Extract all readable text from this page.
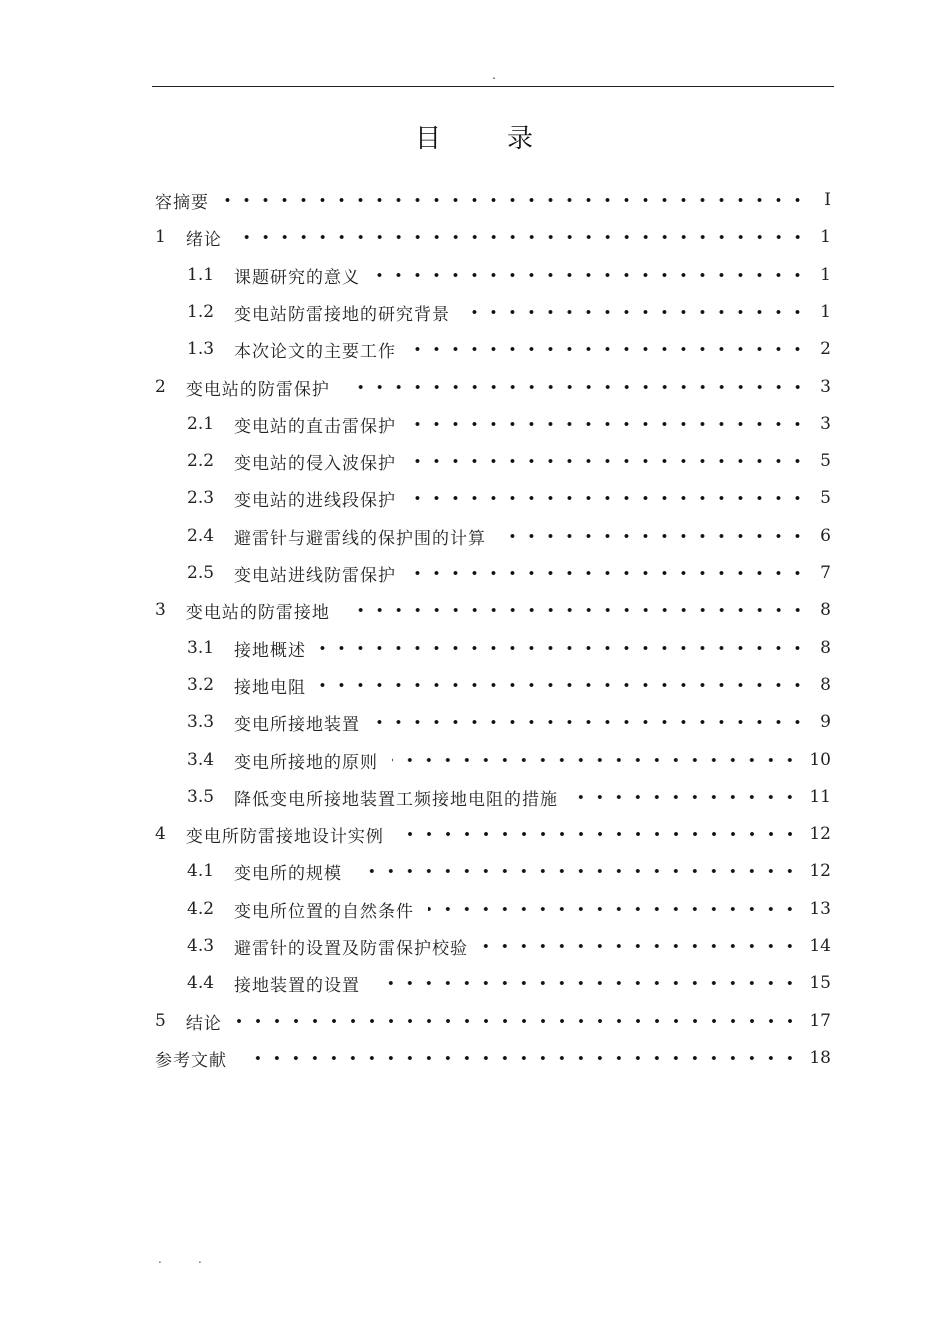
.
目 录
容摘要	I
1 绪论	1
1.1 课题研究的意义	1
1.2 变电站防雷接地的研究背景	1
1.3 本次论文的主要工作	2
2 变电站的防雷保护	3
2.1 变电站的直击雷保护	3
2.2 变电站的侵入波保护	5
2.3 变电站的进线段保护	5
2.4 避雷针与避雷线的保护围的计算	6
2.5 变电站进线防雷保护	7
3 变电站的防雷接地	8
3.1 接地概述	8
3.2 接地电阻	8
3.3 变电所接地装置	9
3.4 变电所接地的原则	10
3.5 降低变电所接地装置工频接地电阻的措施	11
4 变电所防雷接地设计实例	12
4.1 变电所的规模	12
4.2 变电所位置的自然条件	13
4.3 避雷针的设置及防雷保护校验	14
4.4 接地装置的设置	15
5 结论	17
参考文献	18
.	.
